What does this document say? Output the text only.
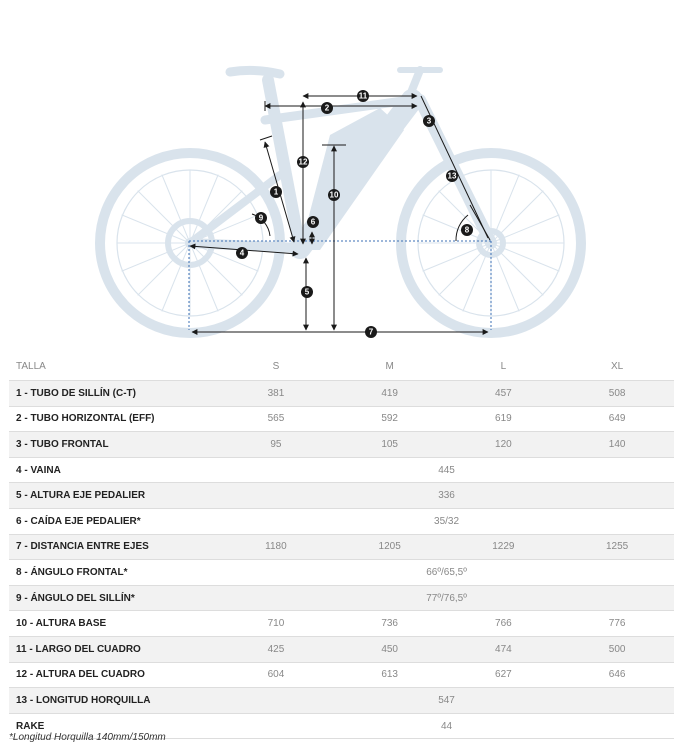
1
2
3
4
5
6
7
8
9
10
11
12
13
TALLA	S	M	L	XL
1 - TUBO DE SILLÍN (C-T)	381	419	457	508
2 - TUBO HORIZONTAL (EFF)	565	592	619	649
3 - TUBO FRONTAL	95	105	120	140
4 - VAINA	445			
5 - ALTURA EJE PEDALIER	336			
6 - CAÍDA EJE PEDALIER*	35/32			
7 - DISTANCIA ENTRE EJES	1180	1205	1229	1255
8 - ÁNGULO FRONTAL*	66º/65,5º			
9 - ÁNGULO DEL SILLÍN*	77º/76,5º			
10 - ALTURA BASE	710	736	766	776
11 - LARGO DEL CUADRO	425	450	474	500
12 - ALTURA DEL CUADRO	604	613	627	646
13 - LONGITUD HORQUILLA	547			
RAKE	44			
*Longitud Horquilla 140mm/150mm
